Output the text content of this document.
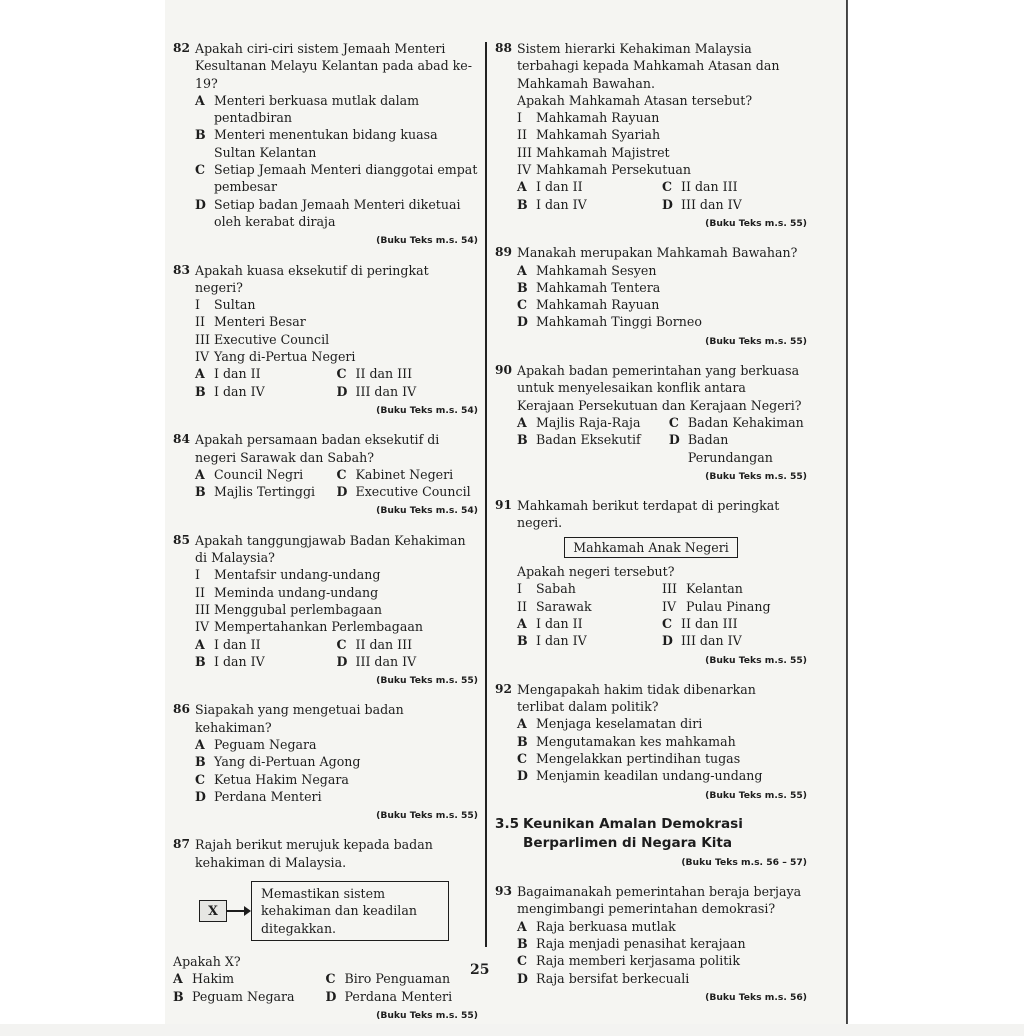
82 Apakah ciri-ciri sistem Jemaah Menteri Kesultanan Melayu Kelantan pada abad ke-19?
A Menteri berkuasa mutlak dalam pentadbiran
B Menteri menentukan bidang kuasa Sultan Kelantan
C Setiap Jemaah Menteri dianggotai empat pembesar
D Setiap badan Jemaah Menteri diketuai oleh kerabat diraja
(Buku Teks m.s. 54)
83 Apakah kuasa eksekutif di peringkat negeri?
I	Sultan
II Menteri Besar
III Executive Council
IV Yang di-Pertua Negeri
A I dan II	C II dan III
B I dan IV	D III dan IV
(Buku Teks m.s. 54)
84 Apakah persamaan badan eksekutif di negeri Sarawak dan Sabah?
A Council Negri	C Kabinet Negeri
B Majlis Tertinggi D Executive Council
(Buku Teks m.s. 54)
85 Apakah tanggungjawab Badan Kehakiman di Malaysia?
I	Mentafsir undang-undang
II Meminda undang-undang
III Menggubal perlembagaan
IV Mempertahankan Perlembagaan
A I dan II	C II dan III
B I dan IV	D III dan IV
(Buku Teks m.s. 55)
86 Siapakah yang mengetuai badan kehakiman?
A Peguam Negara
B Yang di-Pertuan Agong
C Ketua Hakim Negara
D Perdana Menteri
(Buku Teks m.s. 55)
87 Rajah berikut merujuk kepada badan kehakiman di Malaysia.
X
Memastikan sistem kehakiman dan keadilan ditegakkan.
Apakah X?
A Hakim	C Biro Penguaman
B Peguam Negara D Perdana Menteri
(Buku Teks m.s. 55)
88 Sistem hierarki Kehakiman Malaysia terbahagi kepada Mahkamah Atasan dan Mahkamah Bawahan.
Apakah Mahkamah Atasan tersebut?
I	Mahkamah Rayuan
II Mahkamah Syariah
III Mahkamah Majistret
IV Mahkamah Persekutuan
A I dan II	C II dan III
B I dan IV	D III dan IV
(Buku Teks m.s. 55)
89 Manakah merupakan Mahkamah Bawahan?
A Mahkamah Sesyen
B Mahkamah Tentera
C Mahkamah Rayuan
D Mahkamah Tinggi Borneo
(Buku Teks m.s. 55)
90 Apakah badan pemerintahan yang berkuasa untuk menyelesaikan konflik antara Kerajaan Persekutuan dan Kerajaan Negeri?
A Majlis Raja-Raja C Badan Kehakiman
B Badan Eksekutif D Badan Perundangan
(Buku Teks m.s. 55)
91 Mahkamah berikut terdapat di peringkat negeri.
Mahkamah Anak Negeri
Apakah negeri tersebut?
I	Sabah	III Kelantan
II Sarawak	IV Pulau Pinang
A I dan II	C II dan III
B I dan IV	D III dan IV
(Buku Teks m.s. 55)
92 Mengapakah hakim tidak dibenarkan terlibat dalam politik?
A Menjaga keselamatan diri
B Mengutamakan kes mahkamah
C Mengelakkan pertindihan tugas
D Menjamin keadilan undang-undang
(Buku Teks m.s. 55)
3.5 Keunikan Amalan Demokrasi
Berparlimen di Negara Kita
(Buku Teks m.s. 56 – 57)
93 Bagaimanakah pemerintahan beraja berjaya mengimbangi pemerintahan demokrasi?
A Raja berkuasa mutlak
B Raja menjadi penasihat kerajaan
C Raja memberi kerjasama politik
D Raja bersifat berkecuali
(Buku Teks m.s. 56)
25
